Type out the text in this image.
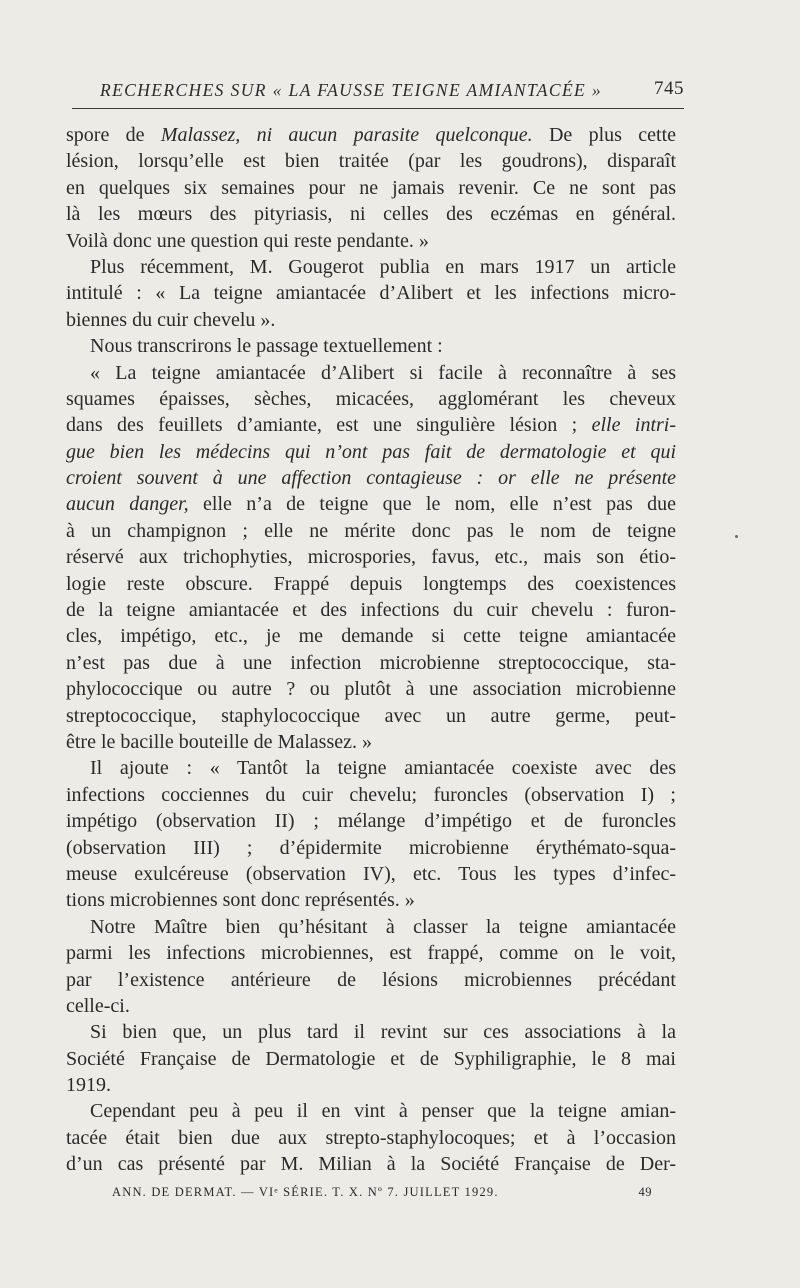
RECHERCHES SUR « LA FAUSSE TEIGNE AMIANTACÉE »	745
spore de Malassez, ni aucun parasite quelconque. De plus cette
lésion, lorsqu’elle est bien traitée (par les goudrons), disparaît
en quelques six semaines pour ne jamais revenir. Ce ne sont pas
là les mœurs des pityriasis, ni celles des eczémas en général.
Voilà donc une question qui reste pendante. »
Plus récemment, M. Gougerot publia en mars 1917 un article
intitulé : « La teigne amiantacée d’Alibert et les infections micro-
biennes du cuir chevelu ».
Nous transcrirons le passage textuellement :
« La teigne amiantacée d’Alibert si facile à reconnaître à ses
squames épaisses, sèches, micacées, agglomérant les cheveux
dans des feuillets d’amiante, est une singulière lésion ; elle intri-
gue bien les médecins qui n’ont pas fait de dermatologie et qui
croient souvent à une affection contagieuse : or elle ne présente
aucun danger, elle n’a de teigne que le nom, elle n’est pas due
à un champignon ; elle ne mérite donc pas le nom de teigne
réservé aux trichophyties, microspories, favus, etc., mais son étio-
logie reste obscure. Frappé depuis longtemps des coexistences
de la teigne amiantacée et des infections du cuir chevelu : furon-
cles, impétigo, etc., je me demande si cette teigne amiantacée
n’est pas due à une infection microbienne streptococcique, sta-
phylococcique ou autre ? ou plutôt à une association microbienne
streptococcique, staphylococcique avec un autre germe, peut-
être le bacille bouteille de Malassez. »
Il ajoute : « Tantôt la teigne amiantacée coexiste avec des
infections cocciennes du cuir chevelu; furoncles (observation I) ;
impétigo (observation II) ; mélange d’impétigo et de furoncles
(observation III) ; d’épidermite microbienne érythémato-squa-
meuse exulcéreuse (observation IV), etc. Tous les types d’infec-
tions microbiennes sont donc représentés. »
Notre Maître bien qu’hésitant à classer la teigne amiantacée
parmi les infections microbiennes, est frappé, comme on le voit,
par l’existence antérieure de lésions microbiennes précédant
celle-ci.
Si bien que, un plus tard il revint sur ces associations à la
Société Française de Dermatologie et de Syphiligraphie, le 8 mai
1919.
Cependant peu à peu il en vint à penser que la teigne amian-
tacée était bien due aux strepto-staphylocoques; et à l’occasion
d’un cas présenté par M. Milian à la Société Française de Der-
ANN. DE DERMAT. — VIᵉ SÉRIE. T. X. Nº 7. JUILLET 1929.	49
